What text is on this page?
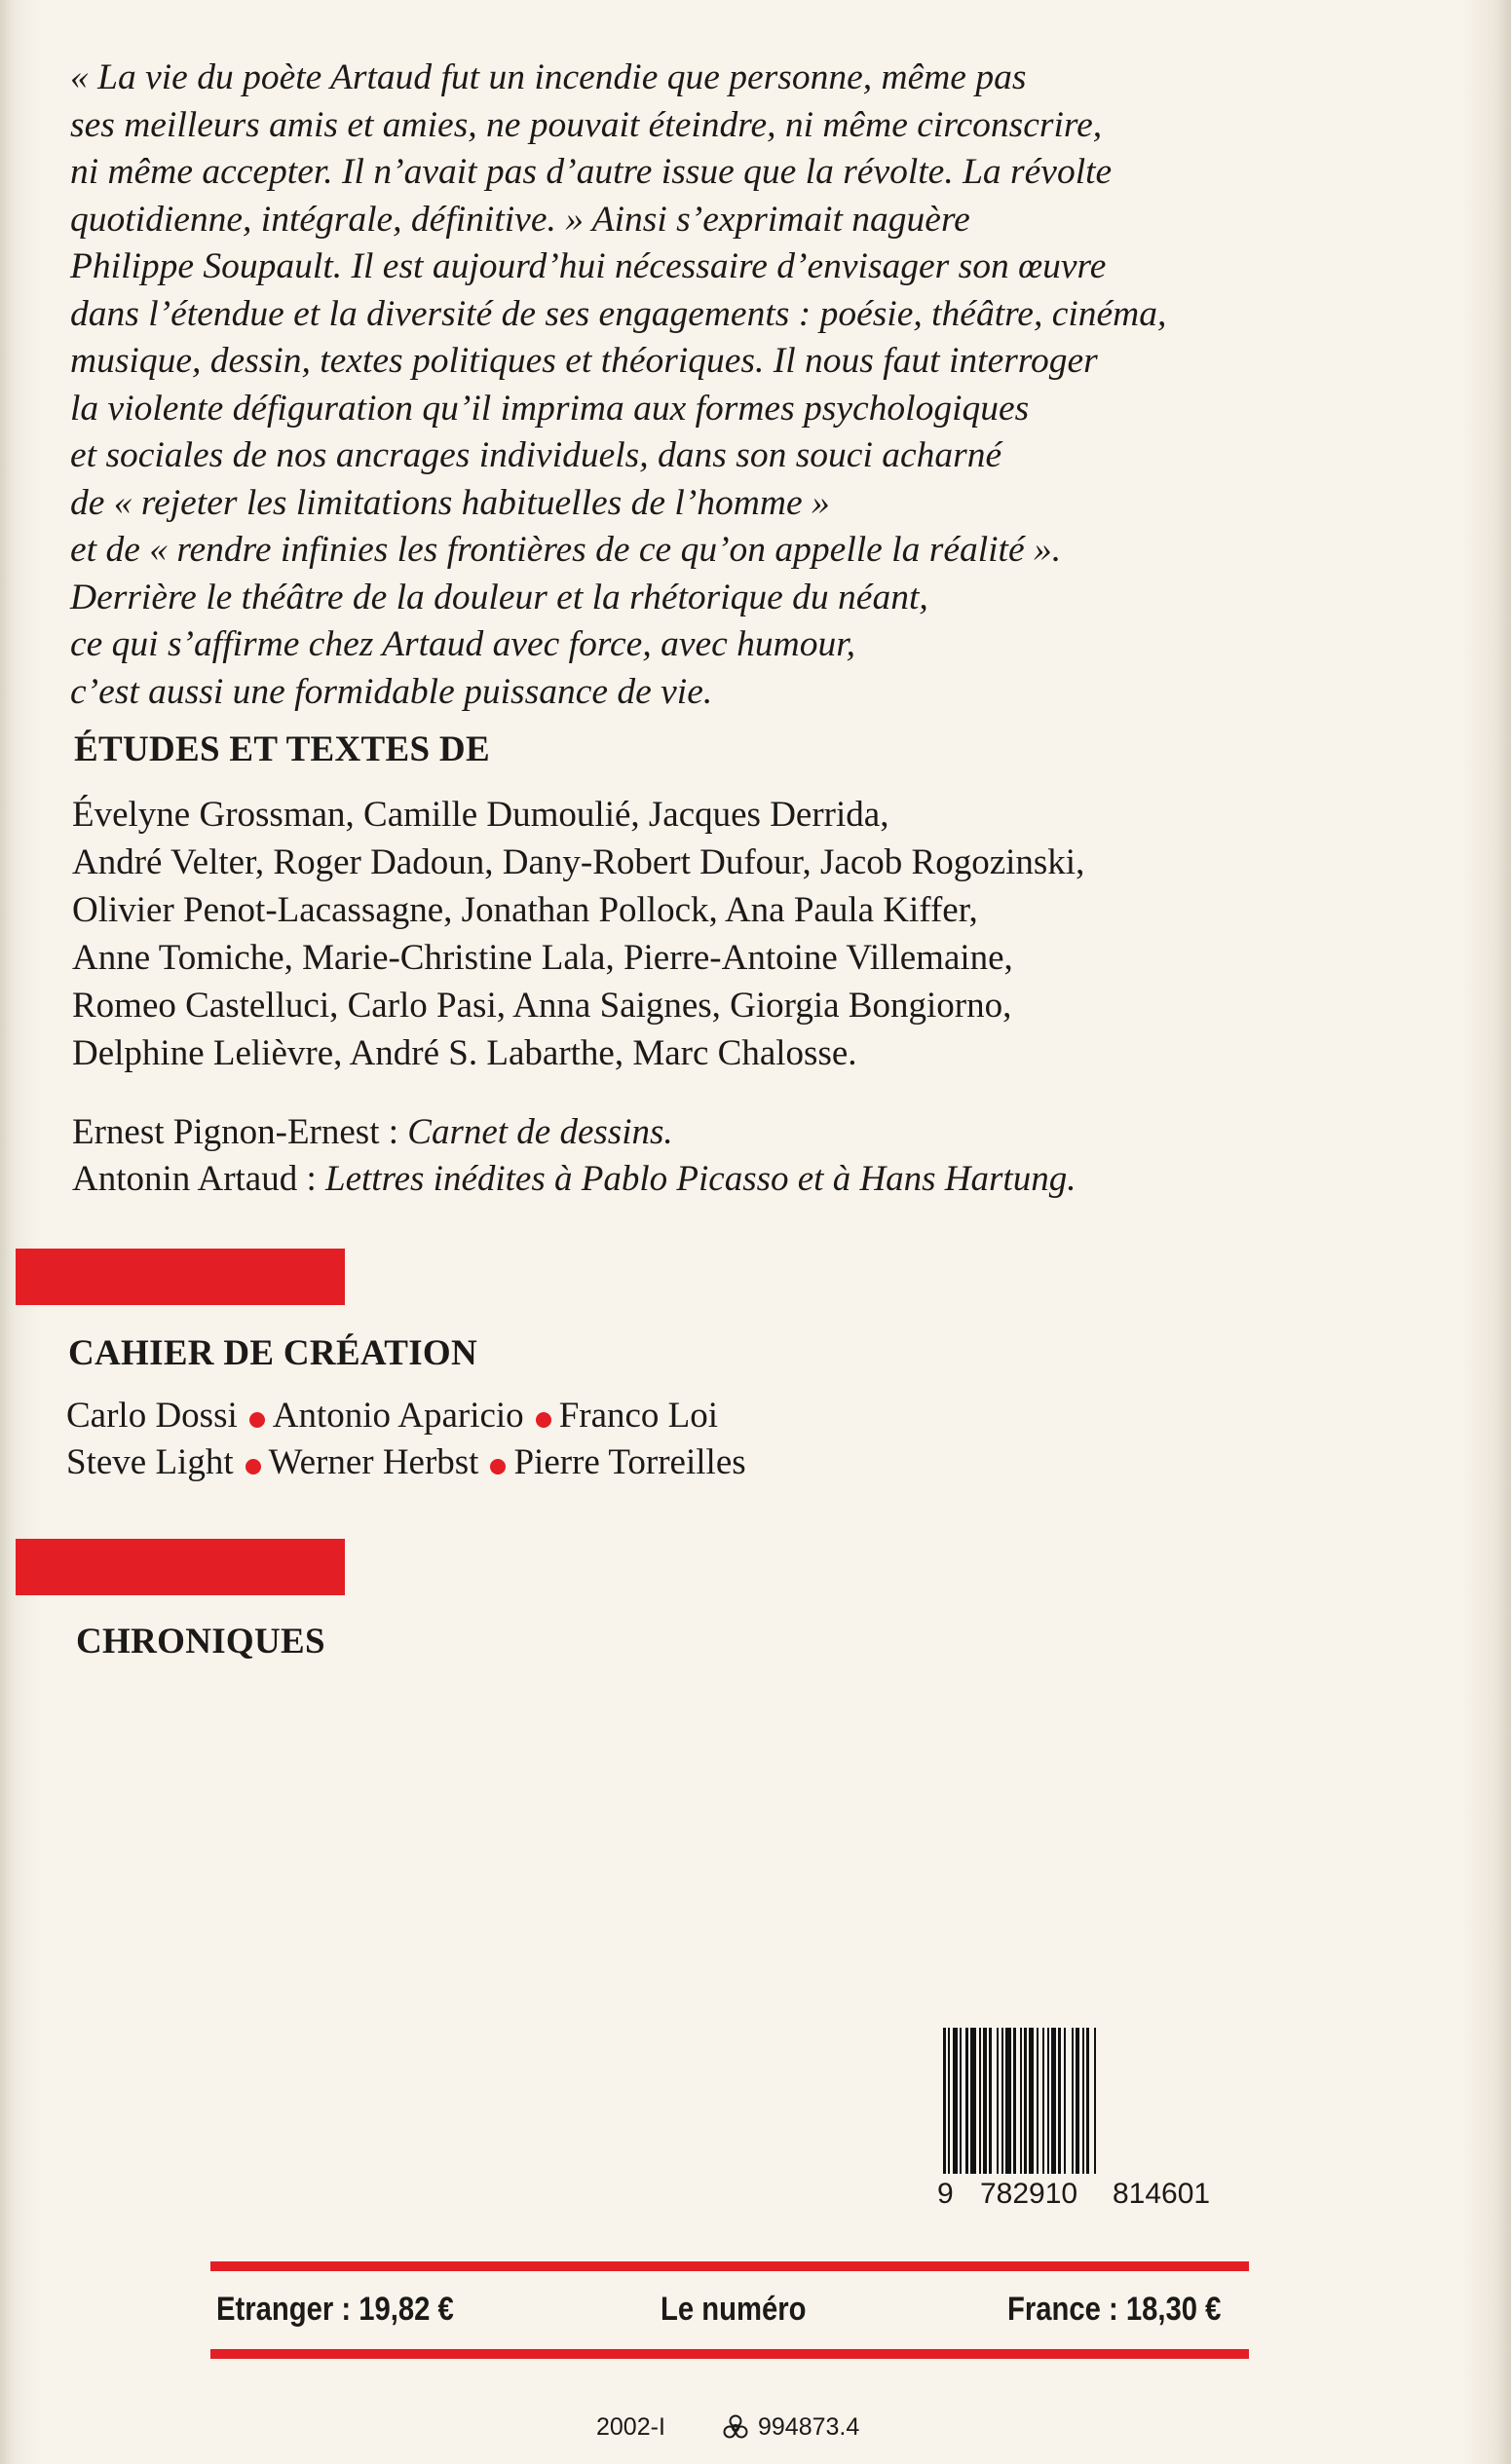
« La vie du poète Artaud fut un incendie que personne, même pas

ses meilleurs amis et amies, ne pouvait éteindre, ni même circonscrire,

ni même accepter. Il n’avait pas d’autre issue que la révolte. La révolte

quotidienne, intégrale, définitive. » Ainsi s’exprimait naguère

Philippe Soupault. Il est aujourd’hui nécessaire d’envisager son œuvre

dans l’étendue et la diversité de ses engagements : poésie, théâtre, cinéma,

musique, dessin, textes politiques et théoriques. Il nous faut interroger

la violente défiguration qu’il imprima aux formes psychologiques

et sociales de nos ancrages individuels, dans son souci acharné

de « rejeter les limitations habituelles de l’homme »

et de « rendre infinies les frontières de ce qu’on appelle la réalité ».

Derrière le théâtre de la douleur et la rhétorique du néant,

ce qui s’affirme chez Artaud avec force, avec humour,

c’est aussi une formidable puissance de vie.

ÉTUDES ET TEXTES DE

Évelyne Grossman, Camille Dumoulié, Jacques Derrida,

André Velter, Roger Dadoun, Dany-Robert Dufour, Jacob Rogozinski,

Olivier Penot-Lacassagne, Jonathan Pollock, Ana Paula Kiffer,

Anne Tomiche, Marie-Christine Lala, Pierre-Antoine Villemaine,

Romeo Castelluci, Carlo Pasi, Anna Saignes, Giorgia Bongiorno,

Delphine Lelièvre, André S. Labarthe, Marc Chalosse.

Ernest Pignon-Ernest : Carnet de dessins.

Antonin Artaud : Lettres inédites à Pablo Picasso et à Hans Hartung.

CAHIER DE CRÉATION

Carlo Dossi Antonio Aparicio Franco Loi

Steve Light Werner Herbst Pierre Torreilles

CHRONIQUES
9 782910 814601
Etranger : 19,82 €	Le numéro	France : 18,30 €
2002-I	994873.4
